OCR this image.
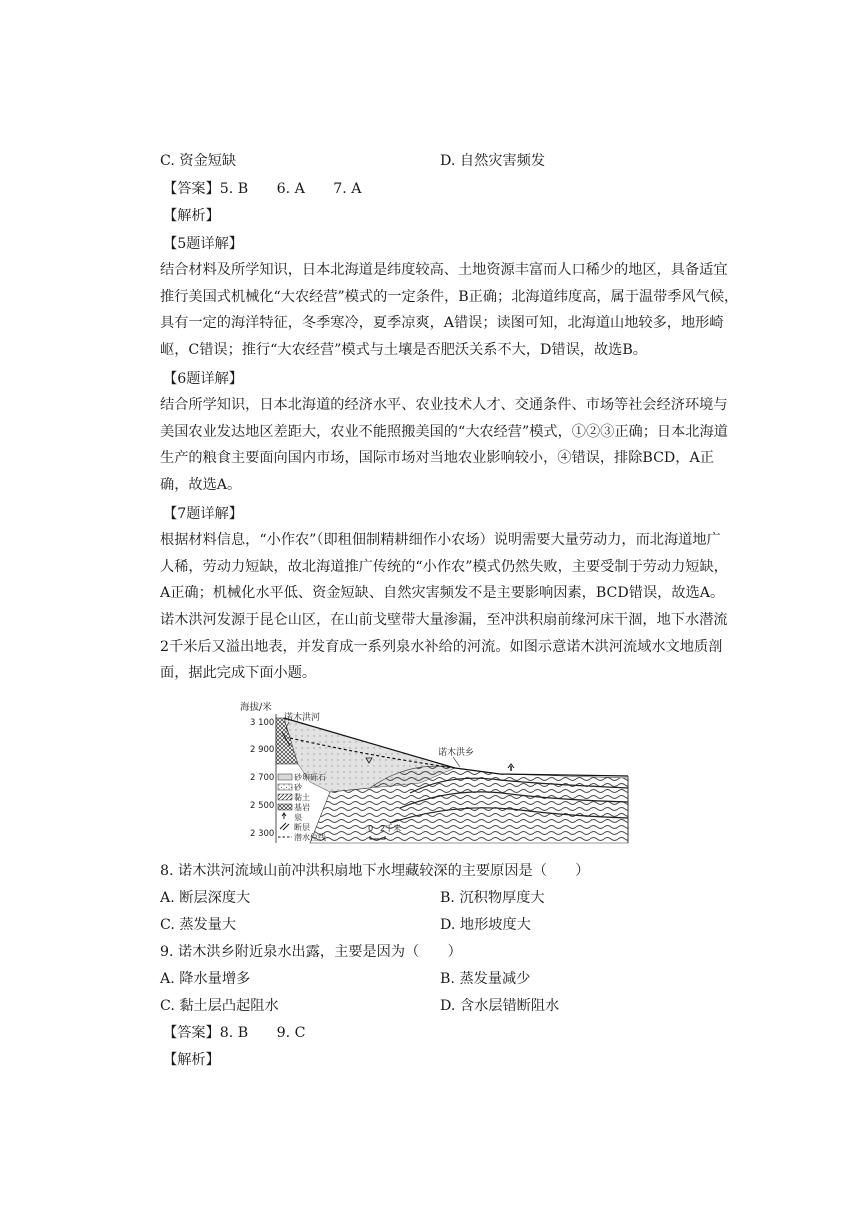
C. 资金短缺	D. 自然灾害频发
【答案】5. B　　6. A　　7. A
【解析】
【5题详解】
结合材料及所学知识，日本北海道是纬度较高、土地资源丰富而人口稀少的地区，具备适宜
推行美国式机械化“大农经营”模式的一定条件，B正确；北海道纬度高，属于温带季风气候，
具有一定的海洋特征，冬季寒冷，夏季凉爽，A错误；读图可知，北海道山地较多，地形崎
岖，C错误；推行“大农经营”模式与土壤是否肥沃关系不大，D错误，故选B。
【6题详解】
结合所学知识，日本北海道的经济水平、农业技术人才、交通条件、市场等社会经济环境与
美国农业发达地区差距大，农业不能照搬美国的“大农经营”模式，①②③正确；日本北海道
生产的粮食主要面向国内市场，国际市场对当地农业影响较小，④错误，排除BCD，A正
确，故选A。
【7题详解】
根据材料信息，“小作农”（即租佃制精耕细作小农场）说明需要大量劳动力，而北海道地广
人稀，劳动力短缺，故北海道推广传统的“小作农”模式仍然失败，主要受制于劳动力短缺，
A正确；机械化水平低、资金短缺、自然灾害频发不是主要影响因素，BCD错误，故选A。
诺木洪河发源于昆仑山区，在山前戈壁带大量渗漏，至冲洪积扇前缘河床干涸，地下水潜流
2千米后又溢出地表，并发育成一系列泉水补给的河流。如图示意诺木洪河流域水文地质剖
面，据此完成下面小题。
海拔/米
3 100
2 900
2 700
2 500
2 300
诺木洪河
诺木洪乡
砂卵砾石
砂
黏土
基岩
泉
断层
潜水位线
0 2千米
8. 诺木洪河流域山前冲洪积扇地下水埋藏较深的主要原因是（　　）
A. 断层深度大	B. 沉积物厚度大
C. 蒸发量大	D. 地形坡度大
9. 诺木洪乡附近泉水出露，主要是因为（　　）
A. 降水量增多	B. 蒸发量减少
C. 黏土层凸起阻水	D. 含水层错断阻水
【答案】8. B　　9. C
【解析】
